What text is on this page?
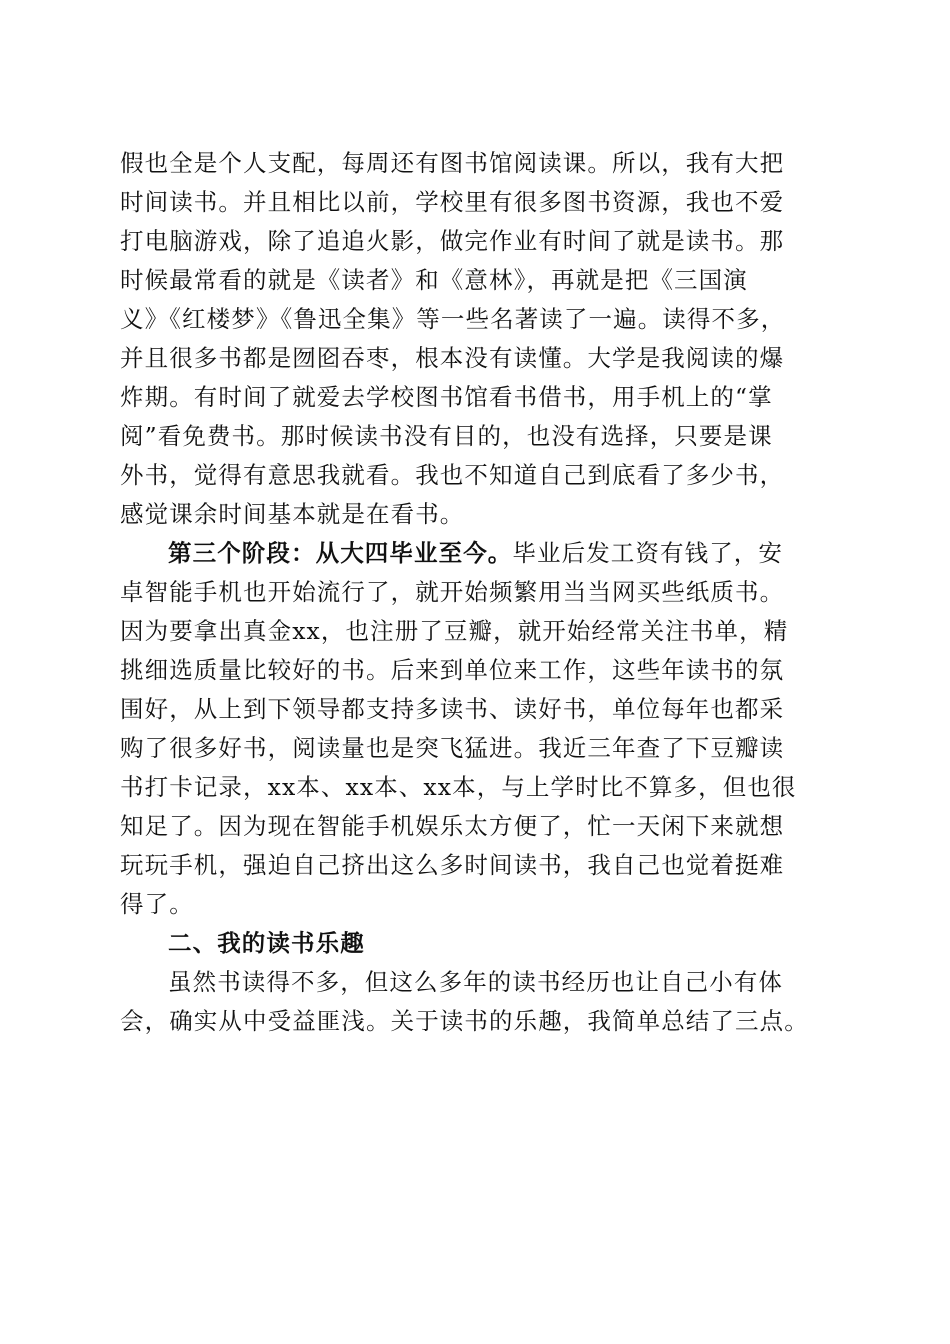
假也全是个人支配，每周还有图书馆阅读课。所以，我有大把
时间读书。并且相比以前，学校里有很多图书资源，我也不爱
打电脑游戏，除了追追火影，做完作业有时间了就是读书。那
时候最常看的就是《读者》和《意林》，再就是把《三国演
义》《红楼梦》《鲁迅全集》等一些名著读了一遍。读得不多，
并且很多书都是囫囵吞枣，根本没有读懂。大学是我阅读的爆
炸期。有时间了就爱去学校图书馆看书借书，用手机上的“掌
阅”看免费书。那时候读书没有目的，也没有选择，只要是课
外书，觉得有意思我就看。我也不知道自己到底看了多少书，
感觉课余时间基本就是在看书。
第三个阶段：从大四毕业至今。毕业后发工资有钱了，安
卓智能手机也开始流行了，就开始频繁用当当网买些纸质书。
因为要拿出真金xx，也注册了豆瓣，就开始经常关注书单，精
挑细选质量比较好的书。后来到单位来工作，这些年读书的氛
围好，从上到下领导都支持多读书、读好书，单位每年也都采
购了很多好书，阅读量也是突飞猛进。我近三年查了下豆瓣读
书打卡记录，xx本、xx本、xx本，与上学时比不算多，但也很
知足了。因为现在智能手机娱乐太方便了，忙一天闲下来就想
玩玩手机，强迫自己挤出这么多时间读书，我自己也觉着挺难
得了。
二、我的读书乐趣
虽然书读得不多，但这么多年的读书经历也让自己小有体
会，确实从中受益匪浅。关于读书的乐趣，我简单总结了三点。
